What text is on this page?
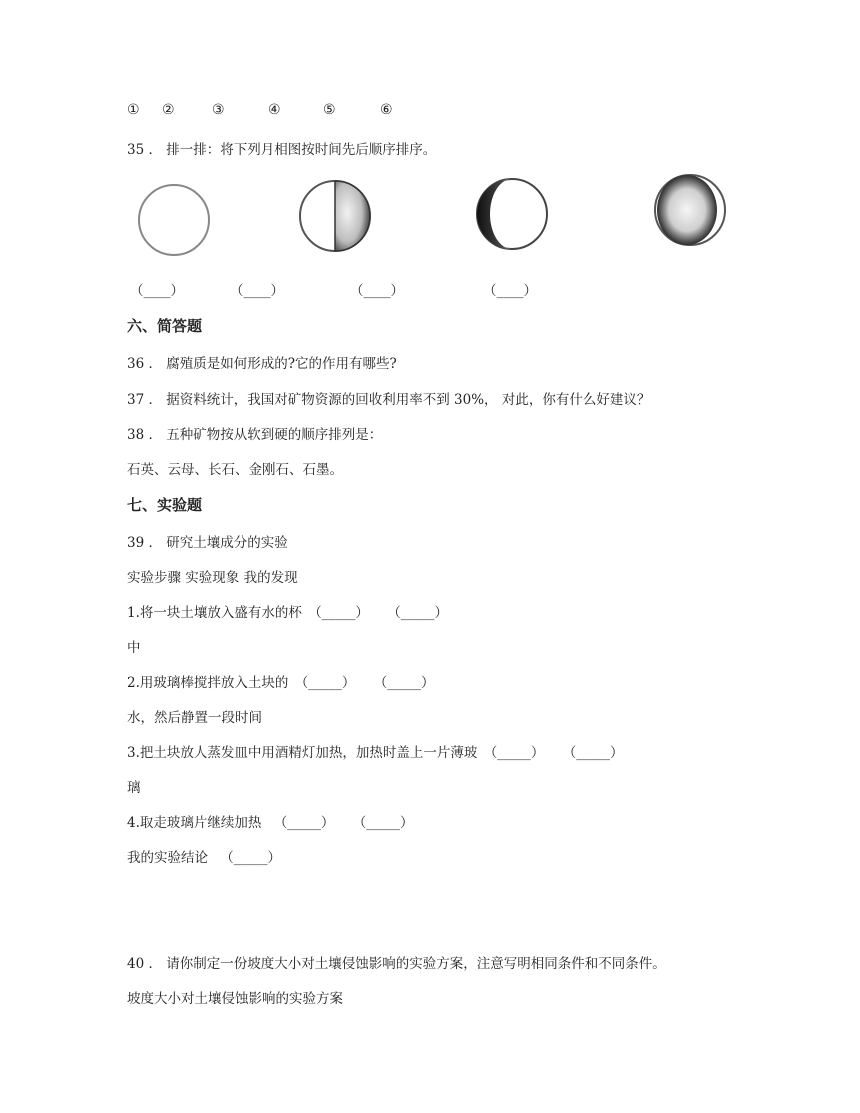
① ②	③	④	⑤	⑥
35 ． 排一排：将下列月相图按时间先后顺序排序。
（____）	（____）	（____）	（____）
六、简答题
36 ． 腐殖质是如何形成的?它的作用有哪些?
37 ． 据资料统计，我国对矿物资源的回收利用率不到 30%， 对此，你有什么好建议？
38 ． 五种矿物按从软到硬的顺序排列是：
石英、云母、长石、金刚石、石墨。
七、实验题
39 ． 研究土壤成分的实验
实验步骤 实验现象 我的发现
1.将一块土壤放入盛有水的杯 （_____） （_____）
中
2.用玻璃棒搅拌放入土块的 （_____） （_____）
水，然后静置一段时间
3.把土块放人蒸发皿中用酒精灯加热，加热时盖上一片薄玻 （_____） （_____）
璃
4.取走玻璃片继续加热 （_____） （_____）
我的实验结论 （_____）
40 ． 请你制定一份坡度大小对土壤侵蚀影响的实验方案，注意写明相同条件和不同条件。
坡度大小对土壤侵蚀影响的实验方案
